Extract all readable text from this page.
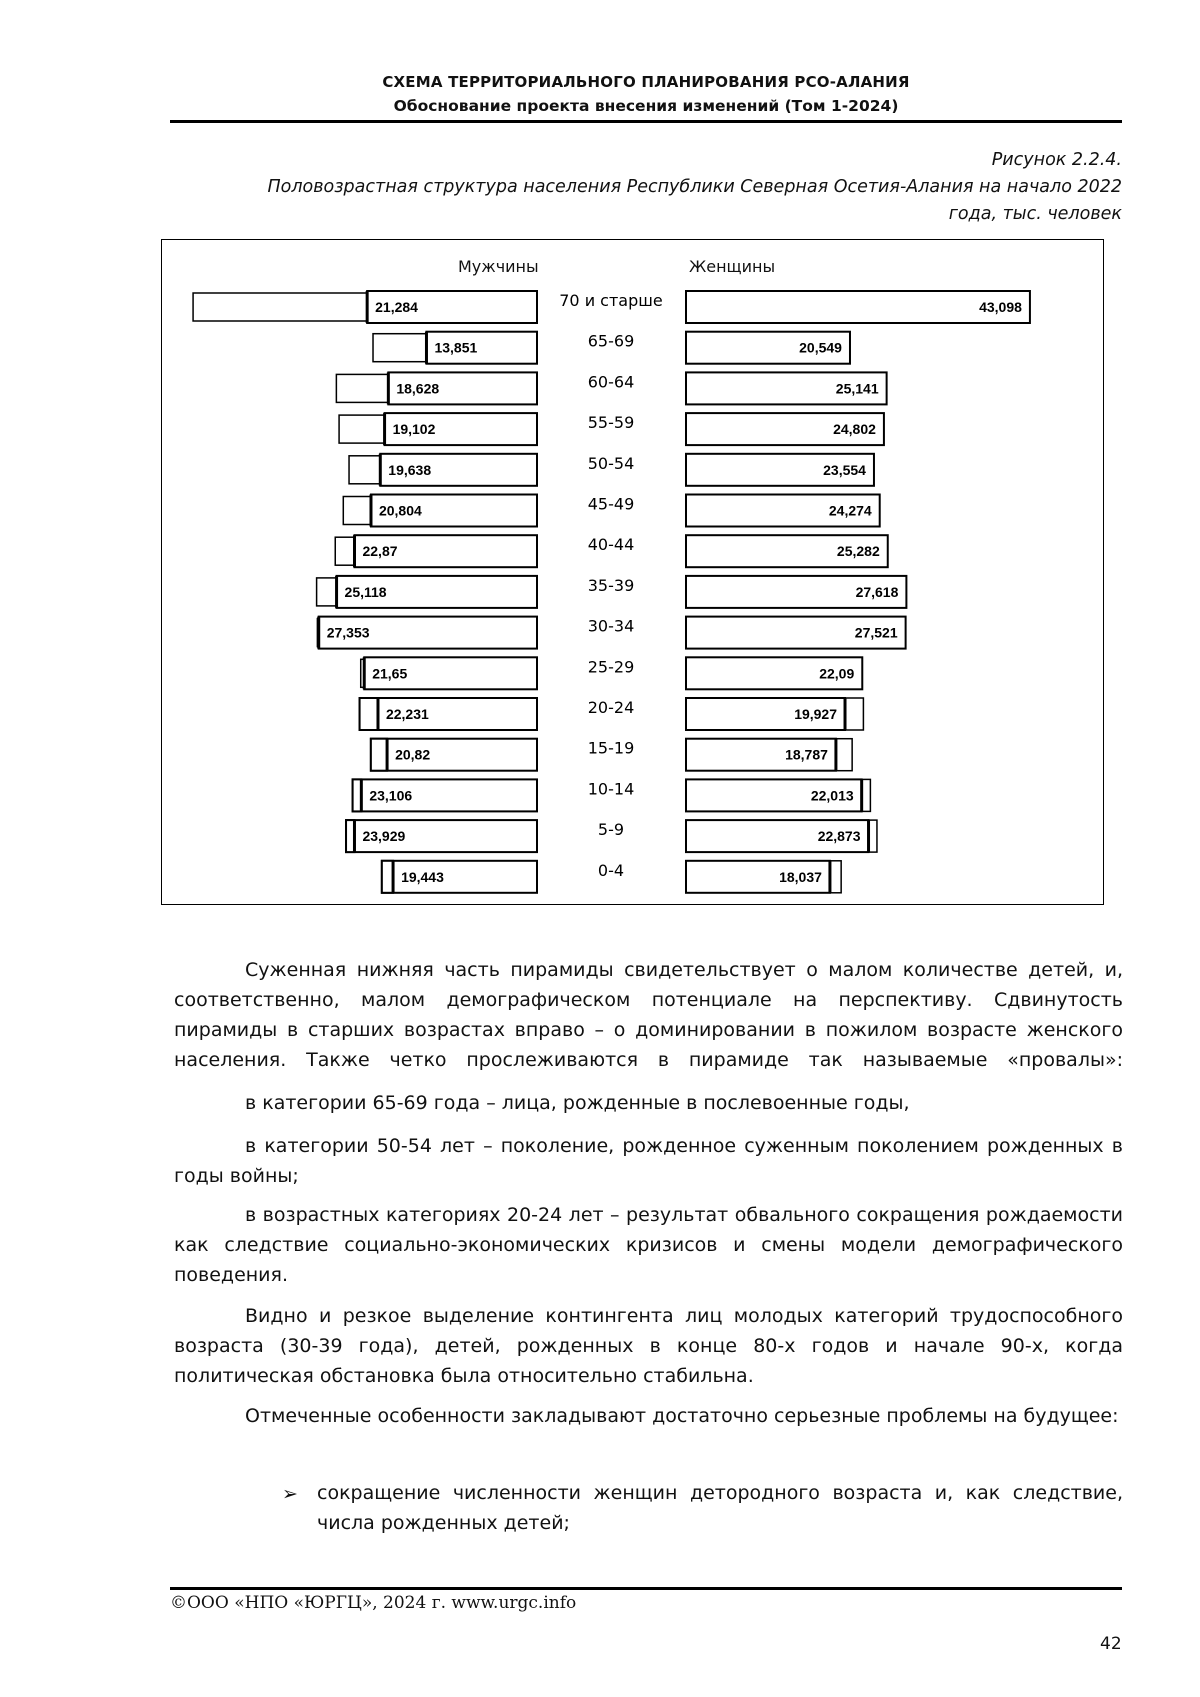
СХЕМА ТЕРРИТОРИАЛЬНОГО ПЛАНИРОВАНИЯ РСО-АЛАНИЯ
Обоснование проекта внесения изменений (Том 1-2024)
Рисунок 2.2.4.
Половозрастная структура населения Республики Северная Осетия-Алания на начало 2022
года, тыс. человек
Мужчины	Женщины
21,284	43,098
70 и старше
13,851	20,549
65-69
18,628	25,141
60-64
19,102	24,802
55-59
19,638	23,554
50-54
20,804	24,274
45-49
22,87	25,282
40-44
25,118	27,618
35-39
27,353	27,521
30-34
21,65	22,09
25-29
22,231	19,927
20-24
20,82	18,787
15-19
23,106	22,013
10-14
23,929	22,873
5-9
19,443	18,037
0-4
Суженная нижняя часть пирамиды свидетельствует о малом количестве детей, и, соответственно, малом демографическом потенциале на перспективу. Сдвинутость пирамиды в старших возрастах вправо – о доминировании в пожилом возрасте женского населения. Также четко прослеживаются в пирамиде так называемые «провалы»:
в категории 65-69 года – лица, рожденные в послевоенные годы,
в категории 50-54 лет – поколение, рожденное суженным поколением рожденных в годы войны;
в возрастных категориях 20-24 лет – результат обвального сокращения рождаемости как следствие социально-экономических кризисов и смены модели демографического поведения.
Видно и резкое выделение контингента лиц молодых категорий трудоспособного возраста (30-39 года), детей, рожденных в конце 80-х годов и начале 90-х, когда политическая обстановка была относительно стабильна.
Отмеченные особенности закладывают достаточно серьезные проблемы на будущее:
➢ сокращение численности женщин детородного возраста и, как следствие, числа рожденных детей;
©ООО «НПО «ЮРГЦ», 2024 г. www.urgc.info
42
